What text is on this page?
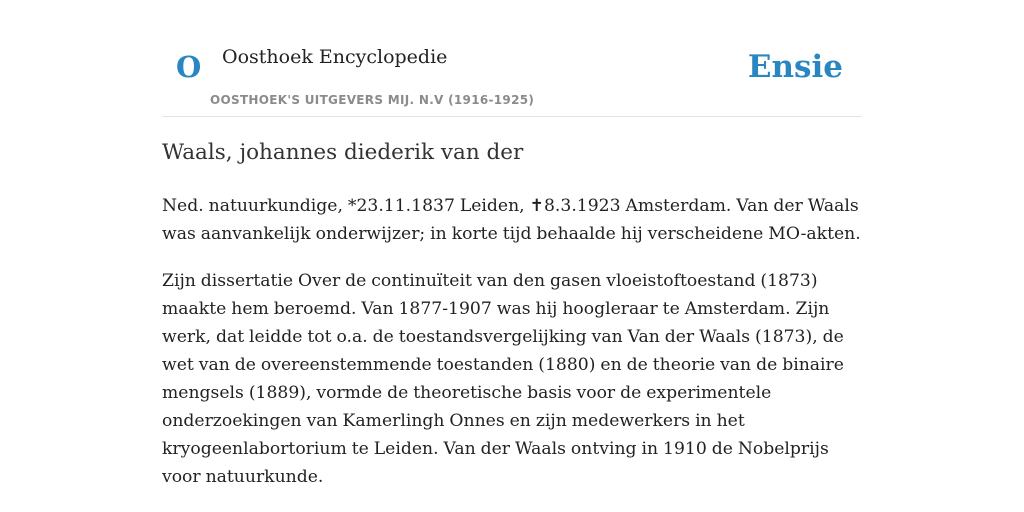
O Oosthoek Encyclopedie
OOSTHOEK'S UITGEVERS MIJ. N.V (1916-1925)
Ensie
Waals, johannes diederik van der

Ned. natuurkundige, *23.11.1837 Leiden, ✝8.3.1923 Amsterdam. Van der Waals was aanvankelijk onderwijzer; in korte tijd behaalde hij verscheidene MO-akten.

Zijn dissertatie Over de continuïteit van den gasen vloeistoftoestand (1873) maakte hem beroemd. Van 1877-1907 was hij hoogleraar te Amsterdam. Zijn werk, dat leidde tot o.a. de toestandsvergelijking van Van der Waals (1873), de wet van de overeenstemmende toestanden (1880) en de theorie van de binaire mengsels (1889), vormde de theoretische basis voor de experimentele onderzoekingen van Kamerlingh Onnes en zijn medewerkers in het kryogeenlabortorium te Leiden. Van der Waals ontving in 1910 de Nobelprijs voor natuurkunde.
